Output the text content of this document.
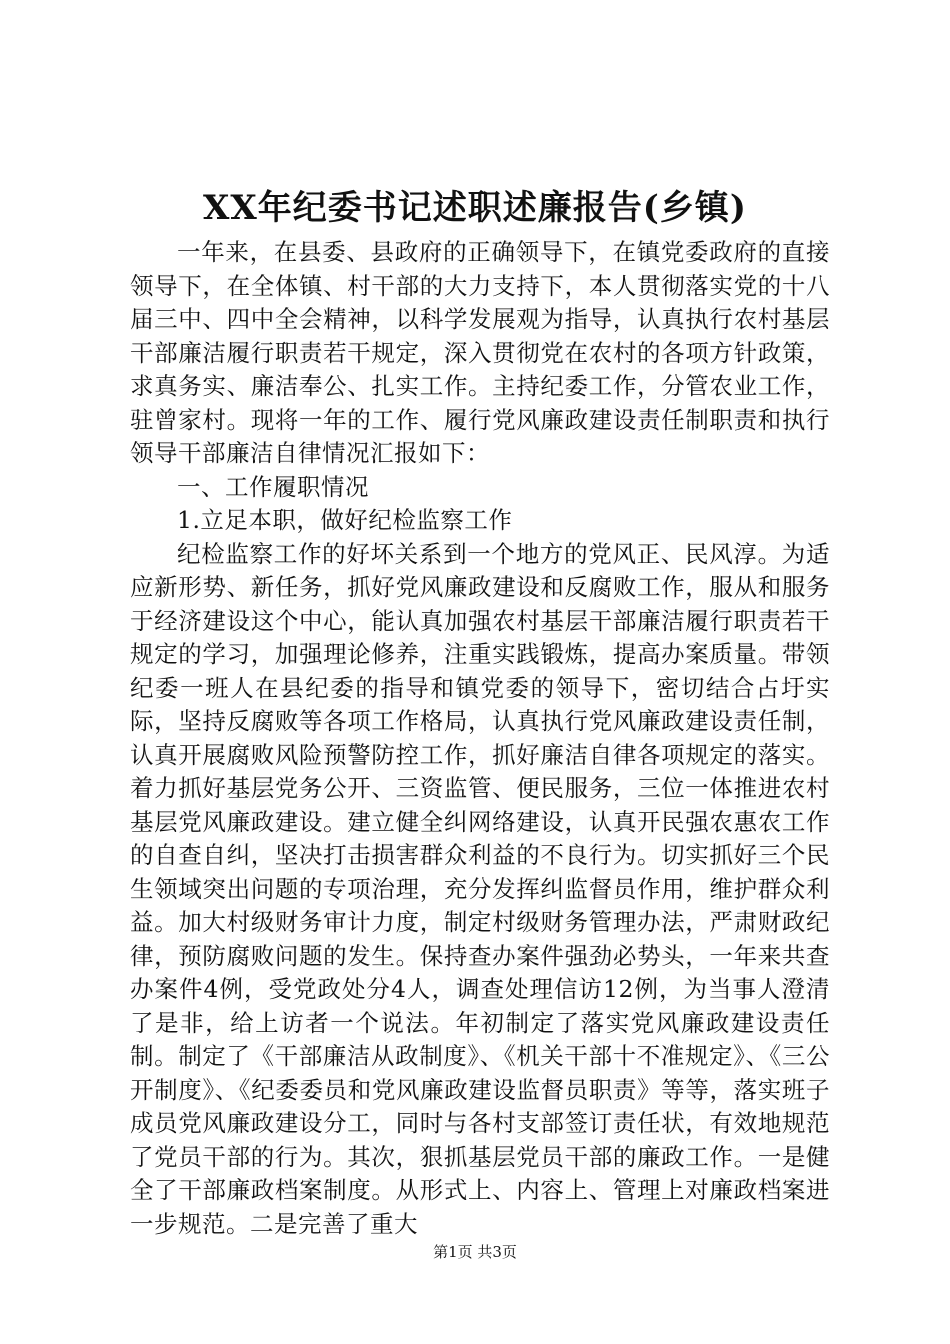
XX年纪委书记述职述廉报告(乡镇)

一年来，在县委、县政府的正确领导下，在镇党委政府的直接领导下，在全体镇、村干部的大力支持下，本人贯彻落实党的十八届三中、四中全会精神，以科学发展观为指导，认真执行农村基层干部廉洁履行职责若干规定，深入贯彻党在农村的各项方针政策，求真务实、廉洁奉公、扎实工作。主持纪委工作，分管农业工作，驻曾家村。现将一年的工作、履行党风廉政建设责任制职责和执行领导干部廉洁自律情况汇报如下：

一、工作履职情况

1.立足本职，做好纪检监察工作

纪检监察工作的好坏关系到一个地方的党风正、民风淳。为适应新形势、新任务，抓好党风廉政建设和反腐败工作，服从和服务于经济建设这个中心，能认真加强农村基层干部廉洁履行职责若干规定的学习，加强理论修养，注重实践锻炼，提高办案质量。带领纪委一班人在县纪委的指导和镇党委的领导下，密切结合占圩实际，坚持反腐败等各项工作格局，认真执行党风廉政建设责任制，认真开展腐败风险预警防控工作，抓好廉洁自律各项规定的落实。着力抓好基层党务公开、三资监管、便民服务，三位一体推进农村基层党风廉政建设。建立健全纠网络建设，认真开民强农惠农工作的自查自纠，坚决打击损害群众利益的不良行为。切实抓好三个民生领域突出问题的专项治理，充分发挥纠监督员作用，维护群众利益。加大村级财务审计力度，制定村级财务管理办法，严肃财政纪律，预防腐败问题的发生。保持查办案件强劲必势头，一年来共查办案件4例，受党政处分4人，调查处理信访12例，为当事人澄清了是非，给上访者一个说法。年初制定了落实党风廉政建设责任制。制定了《干部廉洁从政制度》、《机关干部十不准规定》、《三公开制度》、《纪委委员和党风廉政建设监督员职责》等等，落实班子成员党风廉政建设分工，同时与各村支部签订责任状，有效地规范了党员干部的行为。其次，狠抓基层党员干部的廉政工作。一是健全了干部廉政档案制度。从形式上、内容上、管理上对廉政档案进一步规范。二是完善了重大

第1页 共3页
